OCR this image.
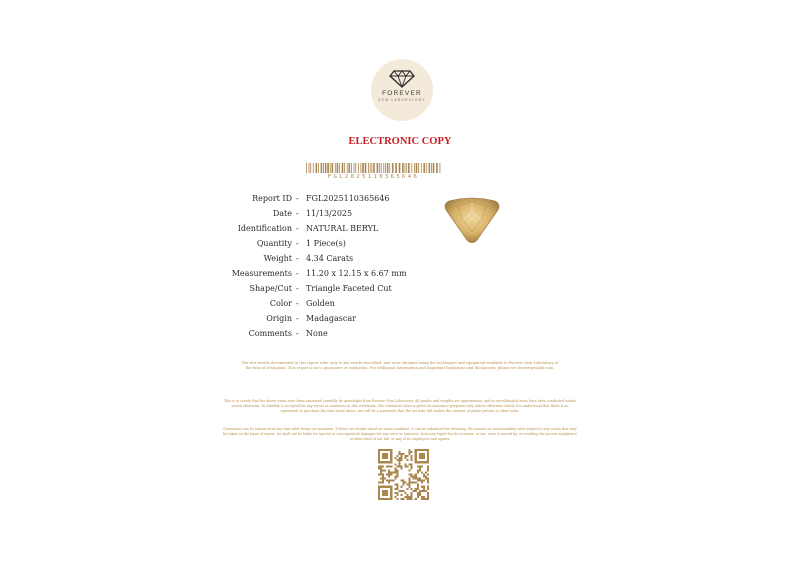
FOREVER
GEM LABORATORY
ELECTRONIC COPY
FGL2025110365646
Report ID - FGL2025110365646
Date - 11/13/2025
Identification - NATURAL BERYL
Quantity - 1 Piece(s)
Weight - 4.34 Carats
Measurements - 11.20 x 12.15 x 6.67 mm
Shape/Cut - Triangle Faceted Cut
Color - Golden
Origin - Madagascar
Comments - None
The test results documented in this report refer only to the article described, and were obtained using the techniques and equipment available to Forever Gem Laboratory at the time of evaluation. This report is not a guarantee or evaluation. For additional information and important limitations and disclaimers, please see forevergemlab.com.
This is to certify that the above items have been examined carefully by gemologist from Forever Gem Laboratory. All grades and weights are approximate, and no metallurgical tests have been conducted unless stated otherwise. No liability is accepted for any errors or omissions in this certificate. The estimated value is given for insurance purposes only, unless otherwise stated it is understood that there is an agreement to purchase the item listed above, nor will be a guarantee that the set item will realize this amount at public private or other sales.
Gemstones can be enhanced at any time after living our premises. If there are doubts about an items condition, it can be submitted for retesting. We assume no accountability with respect to any action that may be taken on the basis of report, we shall not be liable for special or consequential damages for any error or omission, from any report for its issuance, or use, even if caused by, or resulting the proven negligence or other fault of our lab, or any of its employees and agents.
